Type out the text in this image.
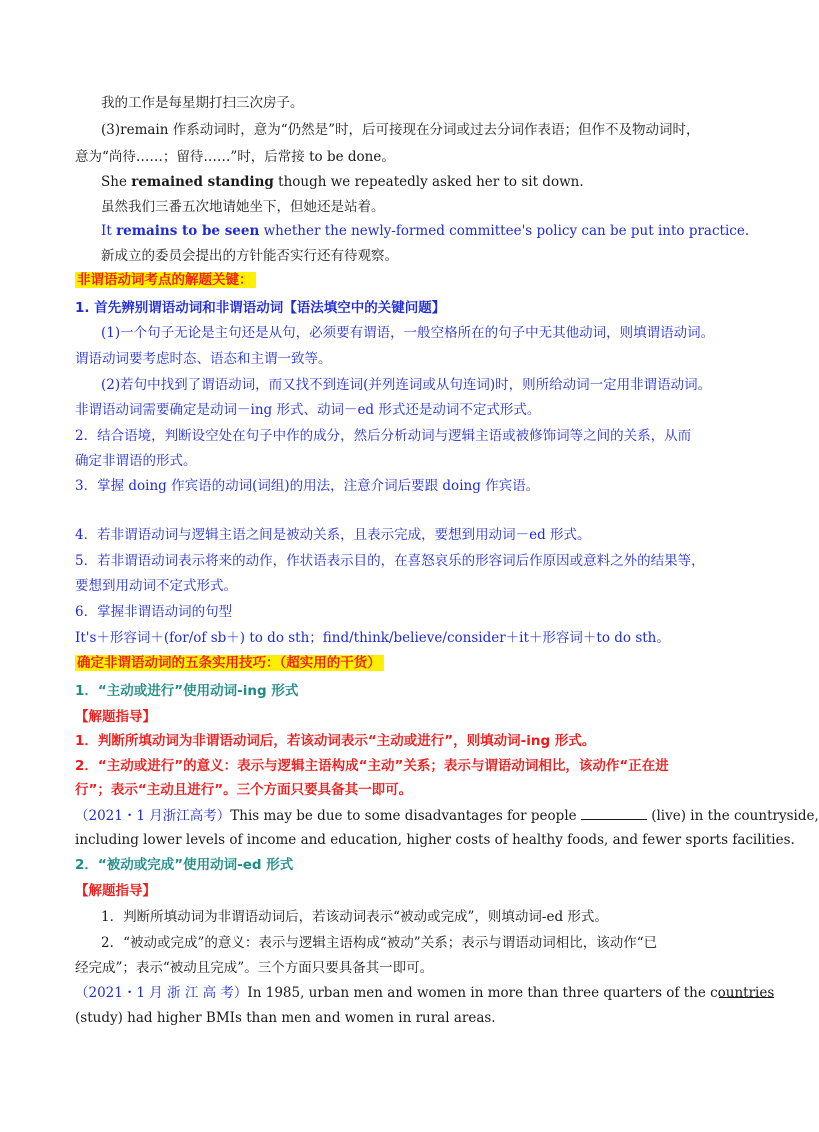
我的工作是每星期打扫三次房子。
(3)remain 作系动词时，意为“仍然是”时，后可接现在分词或过去分词作表语；但作不及物动词时，
意为“尚待……；留待……”时，后常接 to be done。
She remained standing though we repeatedly asked her to sit down.
虽然我们三番五次地请她坐下，但她还是站着。
It remains to be seen whether the newly-formed committee's policy can be put into practice.
新成立的委员会提出的方针能否实行还有待观察。
非谓语动词考点的解题关键：
1. 首先辨别谓语动词和非谓语动词【语法填空中的关键问题】
(1)一个句子无论是主句还是从句，必须要有谓语，一般空格所在的句子中无其他动词，则填谓语动词。
谓语动词要考虑时态、语态和主谓一致等。
(2)若句中找到了谓语动词，而又找不到连词(并列连词或从句连词)时，则所给动词一定用非谓语动词。
非谓语动词需要确定是动词－ing 形式、动词－ed 形式还是动词不定式形式。
2．结合语境，判断设空处在句子中作的成分，然后分析动词与逻辑主语或被修饰词等之间的关系，从而
确定非谓语的形式。
3．掌握 doing 作宾语的动词(词组)的用法，注意介词后要跟 doing 作宾语。
4．若非谓语动词与逻辑主语之间是被动关系，且表示完成，要想到用动词－ed 形式。
5．若非谓语动词表示将来的动作，作状语表示目的，在喜怒哀乐的形容词后作原因或意料之外的结果等，
要想到用动词不定式形式。
6．掌握非谓语动词的句型
It's＋形容词＋(for/of sb＋) to do sth；find/think/believe/consider＋it＋形容词＋to do sth。
确定非谓语动词的五条实用技巧：（超实用的干货）
1．“主动或进行”使用动词-ing 形式
【解题指导】
1．判断所填动词为非谓语动词后，若该动词表示“主动或进行”，则填动词-ing 形式。
2．“主动或进行”的意义：表示与逻辑主语构成“主动”关系；表示与谓语动词相比，该动作“正在进
行”；表示“主动且进行”。三个方面只要具备其一即可。
（2021・1 月浙江高考）This may be due to some disadvantages for people	(live) in the countryside,
including lower levels of income and education, higher costs of healthy foods, and fewer sports facilities.
2．“被动或完成”使用动词-ed 形式
【解题指导】
1．判断所填动词为非谓语动词后，若该动词表示“被动或完成”，则填动词-ed 形式。
2．“被动或完成”的意义：表示与逻辑主语构成“被动”关系；表示与谓语动词相比，该动作“已
经完成”；表示“被动且完成”。三个方面只要具备其一即可。
（2021・1 月 浙 江 高 考）In 1985, urban men and women in more than three quarters of the countries
(study) had higher BMIs than men and women in rural areas.
